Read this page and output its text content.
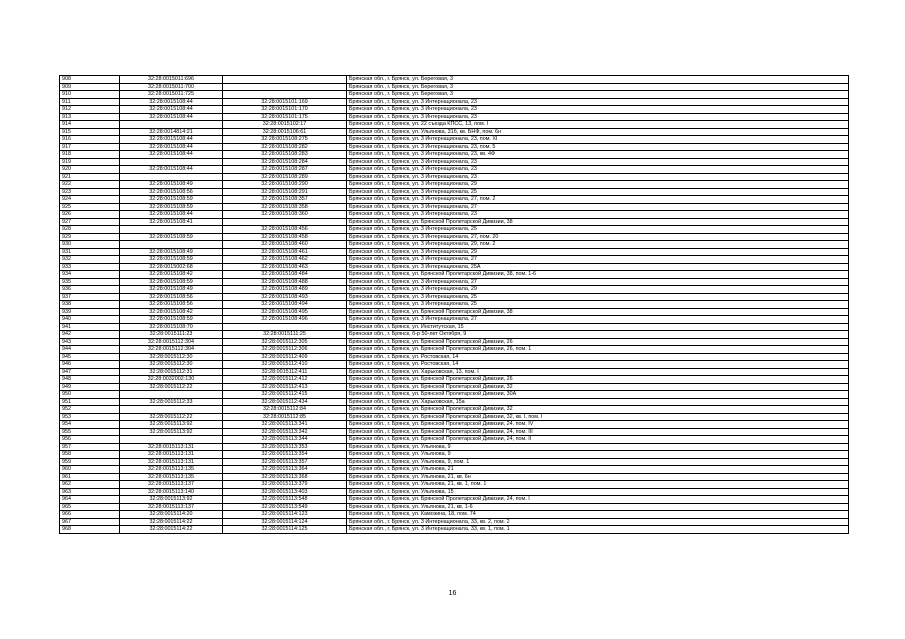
908	32:28:0015011:696		Брянская обл., г. Брянск, ул. Береговая, 3
909	32:28:0015011:700		Брянская обл., г. Брянск, ул. Береговая, 3
910	32:28:0015011:725		Брянская обл., г. Брянск, ул. Береговая, 3
911	32:28:0015108:44	32:28:0015101:169	Брянская обл., г. Брянск, ул. 3 Интернационала, 23
912	32:28:0015108:44	32:28:0015101:170	Брянская обл., г. Брянск, ул. 3 Интернационала, 23
913	32:28:0015108:44	32:28:0015101:175	Брянская обл., г. Брянск, ул. 3 Интернационала, 23
914		32:28:0015102:17	Брянская обл., г. Брянск, ул. 22 съезда КПСС, 13, пом. I
915	32:28:0014814:21	32:28:0015106:61	Брянская обл., г. Брянск, ул. Ульянова, 31б, кв. БНФ, пом. 6н
916	32:28:0015108:44	32:28:0015108:275	Брянская обл., г. Брянск, ул. 3 Интернационала, 23, пом. XI
917	32:28:0015108:44	32:28:0015108:282	Брянская обл., г. Брянск, ул. 3 Интернационала, 23, пом. 5
918	32:28:0015108:44	32:28:0015108:283	Брянская обл., г. Брянск, ул. 3 Интернационала, 23, кв. 4Ф
919		32:28:0015108:284	Брянская обл., г. Брянск, ул. 3 Интернационала, 23
920	32:28:0015108:44	32:28:0015108:287	Брянская обл., г. Брянск, ул. 3 Интернационала, 23
921		32:28:0015108:289	Брянская обл., г. Брянск, ул. 3 Интернационала, 23
922	32:28:0015108:49	32:28:0015108:290	Брянская обл., г. Брянск, ул. 3 Интернационала, 29
923	32:28:0015108:56	32:28:0015108:291	Брянская обл., г. Брянск, ул. 3 Интернационала, 25
924	32:28:0015108:59	32:28:0015108:357	Брянская обл., г. Брянск, ул. 3 Интернационала, 27, пом. 2
925	32:28:0015108:59	32:28:0015108:358	Брянская обл., г. Брянск, ул. 3 Интернационала, 27
926	32:28:0015108:44	32:28:0015108:360	Брянская обл., г. Брянск, ул. 3 Интернационала, 23
927	32:28:0015108:41		Брянская обл., г. Брянск, ул. Брянской Пролетарской Дивизии, 38
928		32:28:0015108:456	Брянская обл., г. Брянск, ул. 3 Интернационала, 25
929	32:28:0015108:59	32:28:0015108:458	Брянская обл., г. Брянск, ул. 3 Интернационала, 27, пом. 20
930		32:28:0015108:460	Брянская обл., г. Брянск, ул. 3 Интернационала, 29, пом. 2
931	32:28:0015108:49	32:28:0015108:461	Брянская обл., г. Брянск, ул. 3 Интернационала, 29
932	32:28:0015108:59	32:28:0015108:462	Брянская обл., г. Брянск, ул. 3 Интернационала, 27
933	32:28:0015002:68	32:28:0015108:463	Брянская обл., г. Брянск, ул. 3 Интернационала, 25А
934	32:28:0015108:42	32:28:0015108:484	Брянская обл., г. Брянск, ул. Брянской Пролетарской Дивизии, 38, пом. 1-6
935	32:28:0015108:59	32:28:0015108:488	Брянская обл., г. Брянск, ул. 3 Интернационала, 27
936	32:28:0015108:49	32:28:0015108:489	Брянская обл., г. Брянск, ул. 3 Интернационала, 29
937	32:28:0015108:56	32:28:0015108:493	Брянская обл., г. Брянск, ул. 3 Интернационала, 25
938	32:28:0015108:56	32:28:0015108:494	Брянская обл., г. Брянск, ул. 3 Интернационала, 25
939	32:28:0015108:42	32:28:0015108:495	Брянская обл., г. Брянск, ул. Брянской Пролетарской Дивизии, 38
940	32:28:0015108:59	32:28:0015108:496	Брянская обл., г. Брянск, ул. 3 Интернационала, 27
941	32:28:0015108:70		Брянская обл., г. Брянск, ул. Институтская, 15
942	32:28:0015111:23	32:28:0015111:25	Брянская обл., г. Брянск, б-р 50-лет Октября, 9
943	32:28:0015112:304	32:28:0015112:305	Брянская обл., г. Брянск, ул. Брянской Пролетарской Дивизии, 26
944	32:28:0015112:304	32:28:0015112:306	Брянская обл., г. Брянск, ул. Брянской Пролетарской Дивизии, 26, пом. 1
945	32:28:0015112:30	32:28:0015112:409	Брянская обл., г. Брянск, ул. Ростовская, 14
946	32:28:0015112:30	32:28:0015112:410	Брянская обл., г. Брянск, ул. Ростовская, 14
947	32:28:0015112:31	32:28:0015112:411	Брянская обл., г. Брянск, ул. Харьковская, 13, пом. I
948	32:28:0032002:130	32:28:0015112:412	Брянская обл., г. Брянск, ул. Брянской Пролетарской Дивизии, 26
949	32:28:0015112:22	32:28:0015112:413	Брянская обл., г. Брянск, ул. Брянской Пролетарской Дивизии, 32
950		32:28:0015112:415	Брянская обл., г. Брянск, ул. Брянской Пролетарской Дивизии, 30А
951	32:28:0015112:33	32:28:0015112:434	Брянская обл., г. Брянск, ул. Харьковская, 15а
952		32:28:0015112:84	Брянская обл., г. Брянск, ул. Брянской Пролетарской Дивизии, 32
953	32:28:0015112:22	32:28:0015112:85	Брянская обл., г. Брянск, ул. Брянской Пролетарской Дивизии, 32, кв. I, пом. I
954	32:28:0015113:92	32:28:0015113:341	Брянская обл., г. Брянск, ул. Брянской Пролетарской Дивизии, 24, пом. IV
955	32:28:0015113:92	32:28:0015113:342	Брянская обл., г. Брянск, ул. Брянской Пролетарской Дивизии, 24, пом. III
956		32:28:0015113:344	Брянская обл., г. Брянск, ул. Брянской Пролетарской Дивизии, 24, пом. II
957	32:28:0015113:131	32:28:0015113:353	Брянская обл., г. Брянск, ул. Ульянова, 9
958	32:28:0015113:131	32:28:0015113:354	Брянская обл., г. Брянск, ул. Ульянова, 9
959	32:28:0015113:131	32:28:0015113:357	Брянская обл., г. Брянск, ул. Ульянова, 9, пом. 1
960	32:28:0015113:135	32:28:0015113:364	Брянская обл., г. Брянск, ул. Ульянова, 21
961	32:28:0015113:135	32:28:0015113:368	Брянская обл., г. Брянск, ул. Ульянова, 21, кв. 6н
962	32:28:0015113:137	32:28:0015113:379	Брянская обл., г. Брянск, ул. Ульянова, 21, кв. 1, пом. 1
963	32:28:0015113:140	32:28:0015113:403	Брянская обл., г. Брянск, ул. Ульянова, 15
964	32:28:0015113:92	32:28:0015113:548	Брянская обл., г. Брянск, ул. Брянской Пролетарской Дивизии, 24, пом. I
965	32:28:0015113:137	32:28:0015113:549	Брянская обл., г. Брянск, ул. Ульянова, 21, кв. 1-6
966	32:28:0015114:20	32:28:0015114:123	Брянская обл., г. Брянск, ул. Камозина, 18, пом. 74
967	32:28:0015114:22	32:28:0015114:124	Брянская обл., г. Брянск, ул. 3 Интернационала, 33, кв. 2, пом. 2
968	32:28:0015114:22	32:28:0015114:125	Брянская обл., г. Брянск, ул. 3 Интернационала, 33, кв. 1, пом. 1
16
